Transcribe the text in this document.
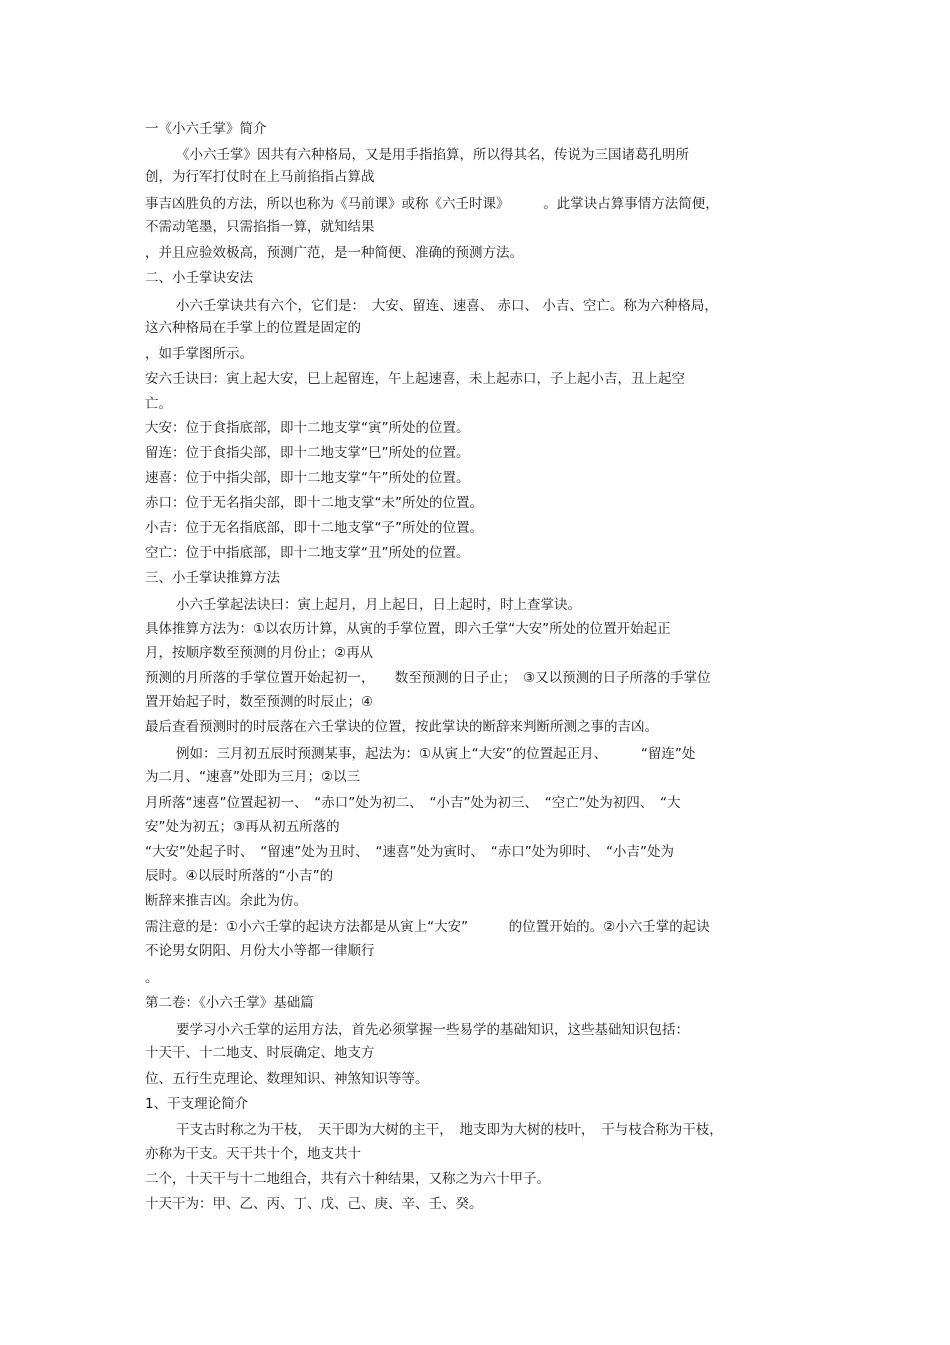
一《小六壬掌》简介

《小六壬掌》因共有六种格局，又是用手指掐算，所以得其名，传说为三国诸葛孔明所

创，为行军打仗时在上马前掐指占算战

事吉凶胜负的方法，所以也称为《马前课》或称《六壬时课》　　　。此掌诀占算事情方法简便，

不需动笔墨，只需掐指一算，就知结果

，并且应验效极高，预测广范，是一种简便、准确的预测方法。

二、小壬掌诀安法

小六壬掌诀共有六个，它们是：　大安、留连、速喜、 赤口、 小吉、空亡。称为六种格局，

这六种格局在手掌上的位置是固定的

，如手掌图所示。

安六壬诀曰：寅上起大安，巳上起留连，午上起速喜，未上起赤口，子上起小吉，丑上起空

亡。

大安：位于食指底部，即十二地支掌“寅”所处的位置。

留连：位于食指尖部，即十二地支掌“巳”所处的位置。

速喜：位于中指尖部，即十二地支掌“午”所处的位置。

赤口：位于无名指尖部，即十二地支掌“未”所处的位置。

小吉：位于无名指底部，即十二地支掌“子”所处的位置。

空亡：位于中指底部，即十二地支掌“丑”所处的位置。

三、小壬掌诀推算方法

小六壬掌起法诀曰：寅上起月，月上起日，日上起时，时上查掌诀。

具体推算方法为：①以农历计算，从寅的手掌位置，即六壬掌“大安”所处的位置开始起正

月，按顺序数至预测的月份止；②再从

预测的月所落的手掌位置开始起初一，　　数至预测的日子止；　③又以预测的日子所落的手掌位

置开始起子时，数至预测的时辰止；④

最后查看预测时的时辰落在六壬掌诀的位置，按此掌诀的断辞来判断所测之事的吉凶。

例如：三月初五辰时预测某事，起法为：①从寅上“大安”的位置起正月、　　　“留连”处

为二月、“速喜”处即为三月；②以三

月所落“速喜”位置起初一、　“赤口”处为初二、　“小吉”处为初三、　“空亡”处为初四、　“大

安”处为初五；③再从初五所落的

“大安”处起子时、　“留速”处为丑时、　“速喜”处为寅时、　“赤口”处为卯时、　“小吉”处为

辰时。④以辰时所落的“小吉”的

断辞来推吉凶。余此为仿。

需注意的是：①小六壬掌的起诀方法都是从寅上“大安”　　　的位置开始的。②小六壬掌的起诀

不论男女阴阳、月份大小等都一律顺行

。

第二卷：《小六壬掌》基础篇

要学习小六壬掌的运用方法，首先必须掌握一些易学的基础知识，这些基础知识包括：

十天干、十二地支、时辰确定、地支方

位、五行生克理论、数理知识、神煞知识等等。

1、干支理论简介

干支古时称之为干枝，　天干即为大树的主干，　地支即为大树的枝叶，　干与枝合称为干枝，

亦称为干支。天干共十个，地支共十

二个，十天干与十二地组合，共有六十种结果，又称之为六十甲子。

十天干为：甲、乙、丙、丁、戊、己、庚、辛、壬、癸。
